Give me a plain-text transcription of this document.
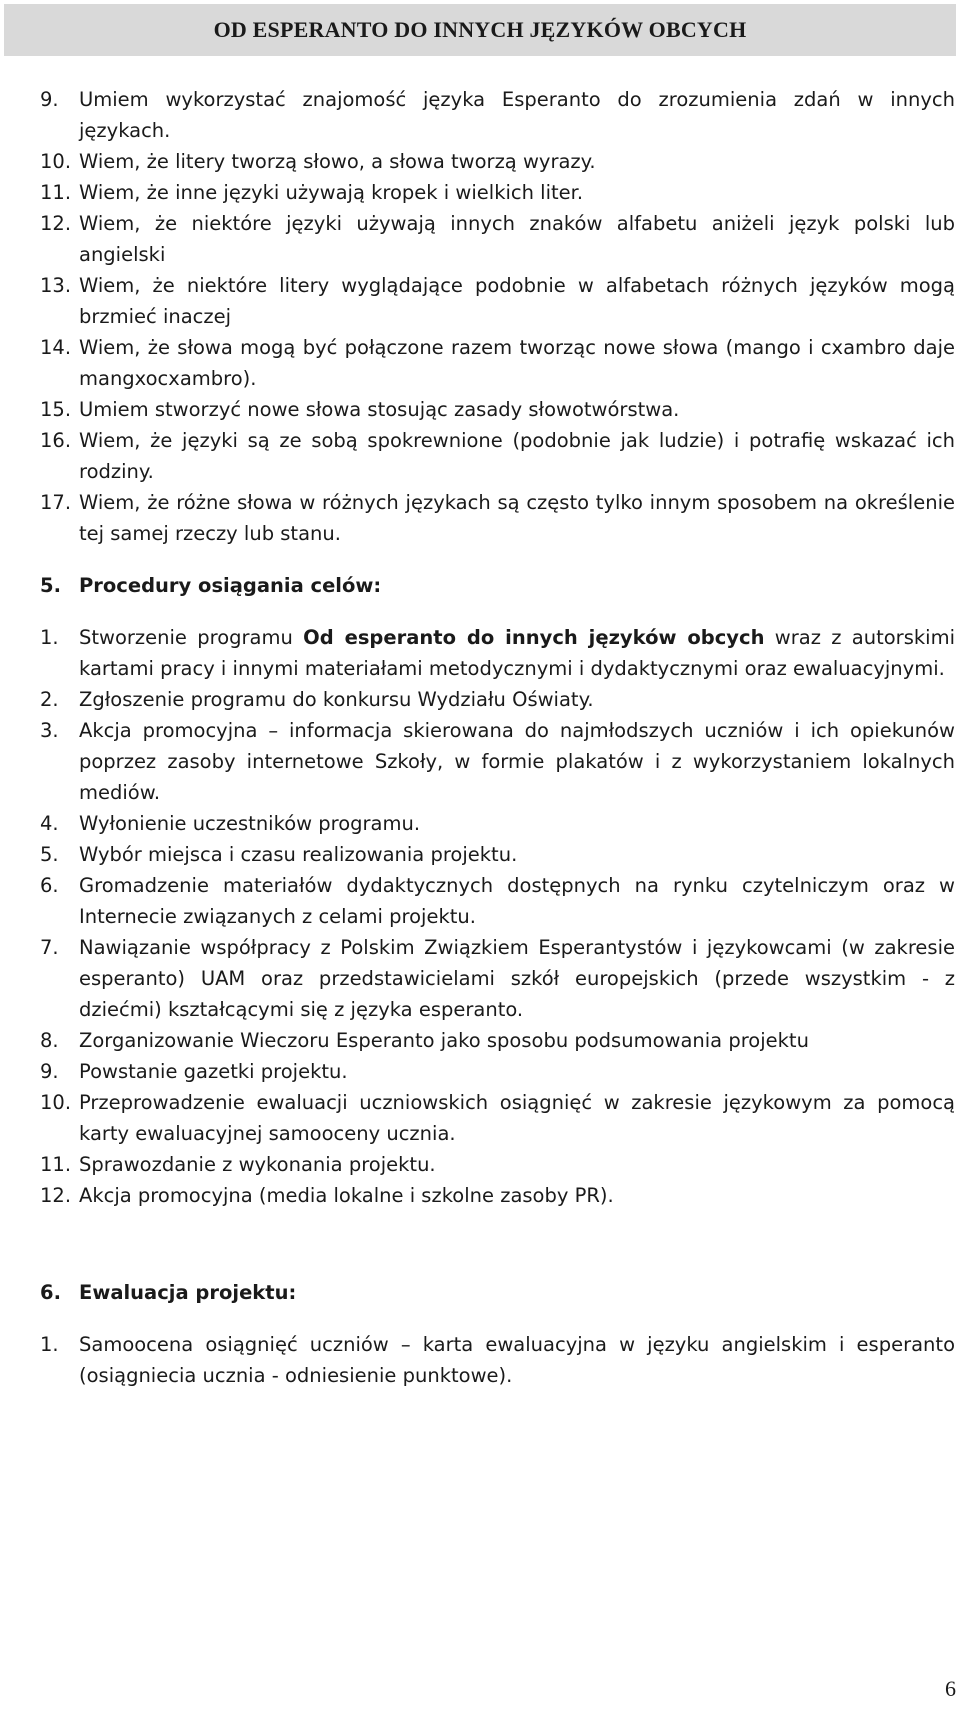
OD ESPERANTO DO INNYCH JĘZYKÓW OBCYCH
9.	Umiem wykorzystać znajomość języka Esperanto do zrozumienia zdań w innych językach.
10. Wiem, że litery tworzą słowo, a słowa tworzą wyrazy.
11. Wiem, że inne języki używają kropek i wielkich liter.
12. Wiem, że niektóre języki używają innych znaków alfabetu aniżeli język polski lub angielski
13. Wiem, że niektóre litery wyglądające podobnie w alfabetach różnych języków mogą brzmieć inaczej
14. Wiem, że słowa mogą być połączone razem tworząc nowe słowa (mango i cxambro daje mangxocxambro).
15. Umiem stworzyć nowe słowa stosując zasady słowotwórstwa.
16. Wiem, że języki są ze sobą spokrewnione (podobnie jak ludzie) i potrafię wskazać ich rodziny.
17. Wiem, że różne słowa w różnych językach są często tylko innym sposobem na określenie tej samej rzeczy lub stanu.
5. Procedury osiągania celów:
1.	Stworzenie programu Od esperanto do innych języków obcych wraz z autorskimi kartami pracy i innymi materiałami metodycznymi i dydaktycznymi oraz ewaluacyjnymi.
2.	Zgłoszenie programu do konkursu Wydziału Oświaty.
3.	Akcja promocyjna – informacja skierowana do najmłodszych uczniów i ich opiekunów poprzez zasoby internetowe Szkoły, w formie plakatów i z wykorzystaniem lokalnych mediów.
4.	Wyłonienie uczestników programu.
5.	Wybór miejsca i czasu realizowania projektu.
6.	Gromadzenie materiałów dydaktycznych dostępnych na rynku czytelniczym oraz w Internecie związanych z celami projektu.
7.	Nawiązanie współpracy z Polskim Związkiem Esperantystów i językowcami (w zakresie esperanto) UAM oraz przedstawicielami szkół europejskich (przede wszystkim - z dziećmi) kształcącymi się z języka esperanto.
8.	Zorganizowanie Wieczoru Esperanto jako sposobu podsumowania projektu
9.	Powstanie gazetki projektu.
10. Przeprowadzenie ewaluacji uczniowskich osiągnięć w zakresie językowym za pomocą karty ewaluacyjnej samooceny ucznia.
11. Sprawozdanie z wykonania projektu.
12. Akcja promocyjna (media lokalne i szkolne zasoby PR).
6. Ewaluacja projektu:
1.	Samoocena osiągnięć uczniów – karta ewaluacyjna w języku angielskim i esperanto (osiągniecia ucznia - odniesienie punktowe).
6
